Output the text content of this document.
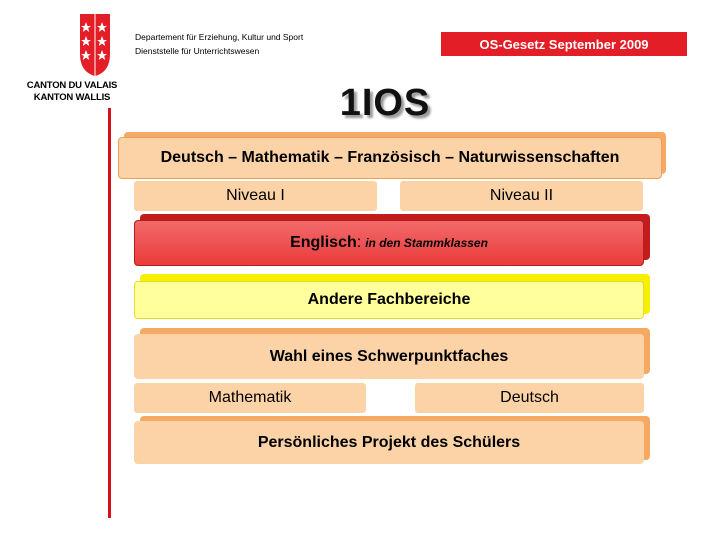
CANTON DU VALAIS
KANTON WALLIS
Departement für Erziehung, Kultur und Sport
Dienststelle für Unterrichtswesen	OS-Gesetz September 2009
1IOS
Deutsch – Mathematik – Französisch – Naturwissenschaften
Niveau I	Niveau II
Englisch : in den Stammklassen
Andere Fachbereiche
Wahl eines Schwerpunktfaches
Mathematik	Deutsch
Persönliches Projekt des Schülers
